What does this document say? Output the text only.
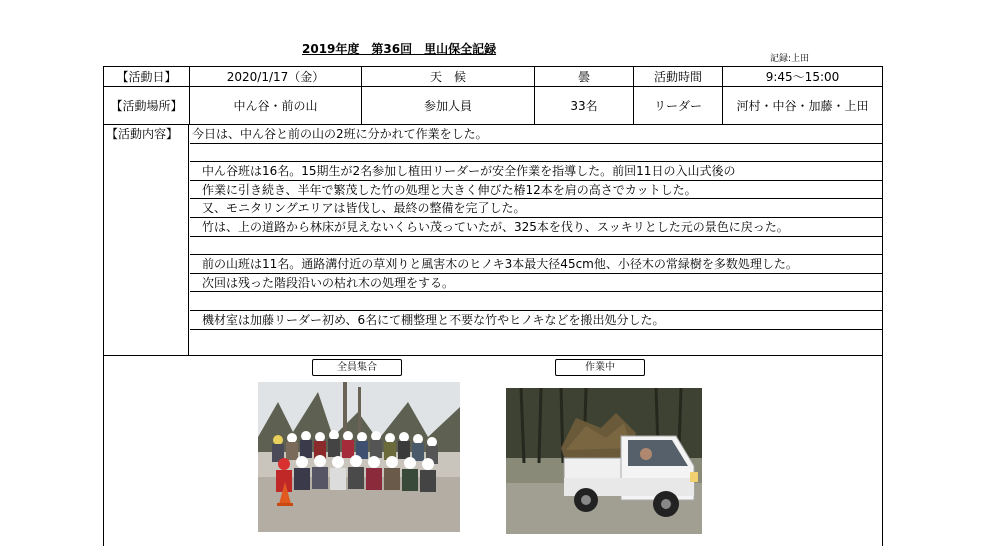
2019年度　第36回　里山保全記録
記録:上田
【活動日】	2020/1/17（金）	天　候	曇	活動時間	9:45〜15:00
【活動場所】	中ん谷・前の山	参加人員	33名	リーダー	河村・中谷・加藤・上田
【活動内容】	今日は、中ん谷と前の山の2班に分かれて作業をした。
中ん谷班は16名。15期生が2名参加し植田リーダーが安全作業を指導した。前回11日の入山式後の
作業に引き続き、半年で繁茂した竹の処理と大きく伸びた椿12本を肩の高さでカットした。
又、モニタリングエリアは皆伐し、最終の整備を完了した。
竹は、上の道路から林床が見えないくらい茂っていたが、325本を伐り、スッキリとした元の景色に戻った。
前の山班は11名。通路溝付近の草刈りと風害木のヒノキ3本最大径45cm他、小径木の常緑樹を多数処理した。
次回は残った階段沿いの枯れ木の処理をする。
機材室は加藤リーダー初め、6名にて棚整理と不要な竹やヒノキなどを搬出処分した。
全員集合	作業中
